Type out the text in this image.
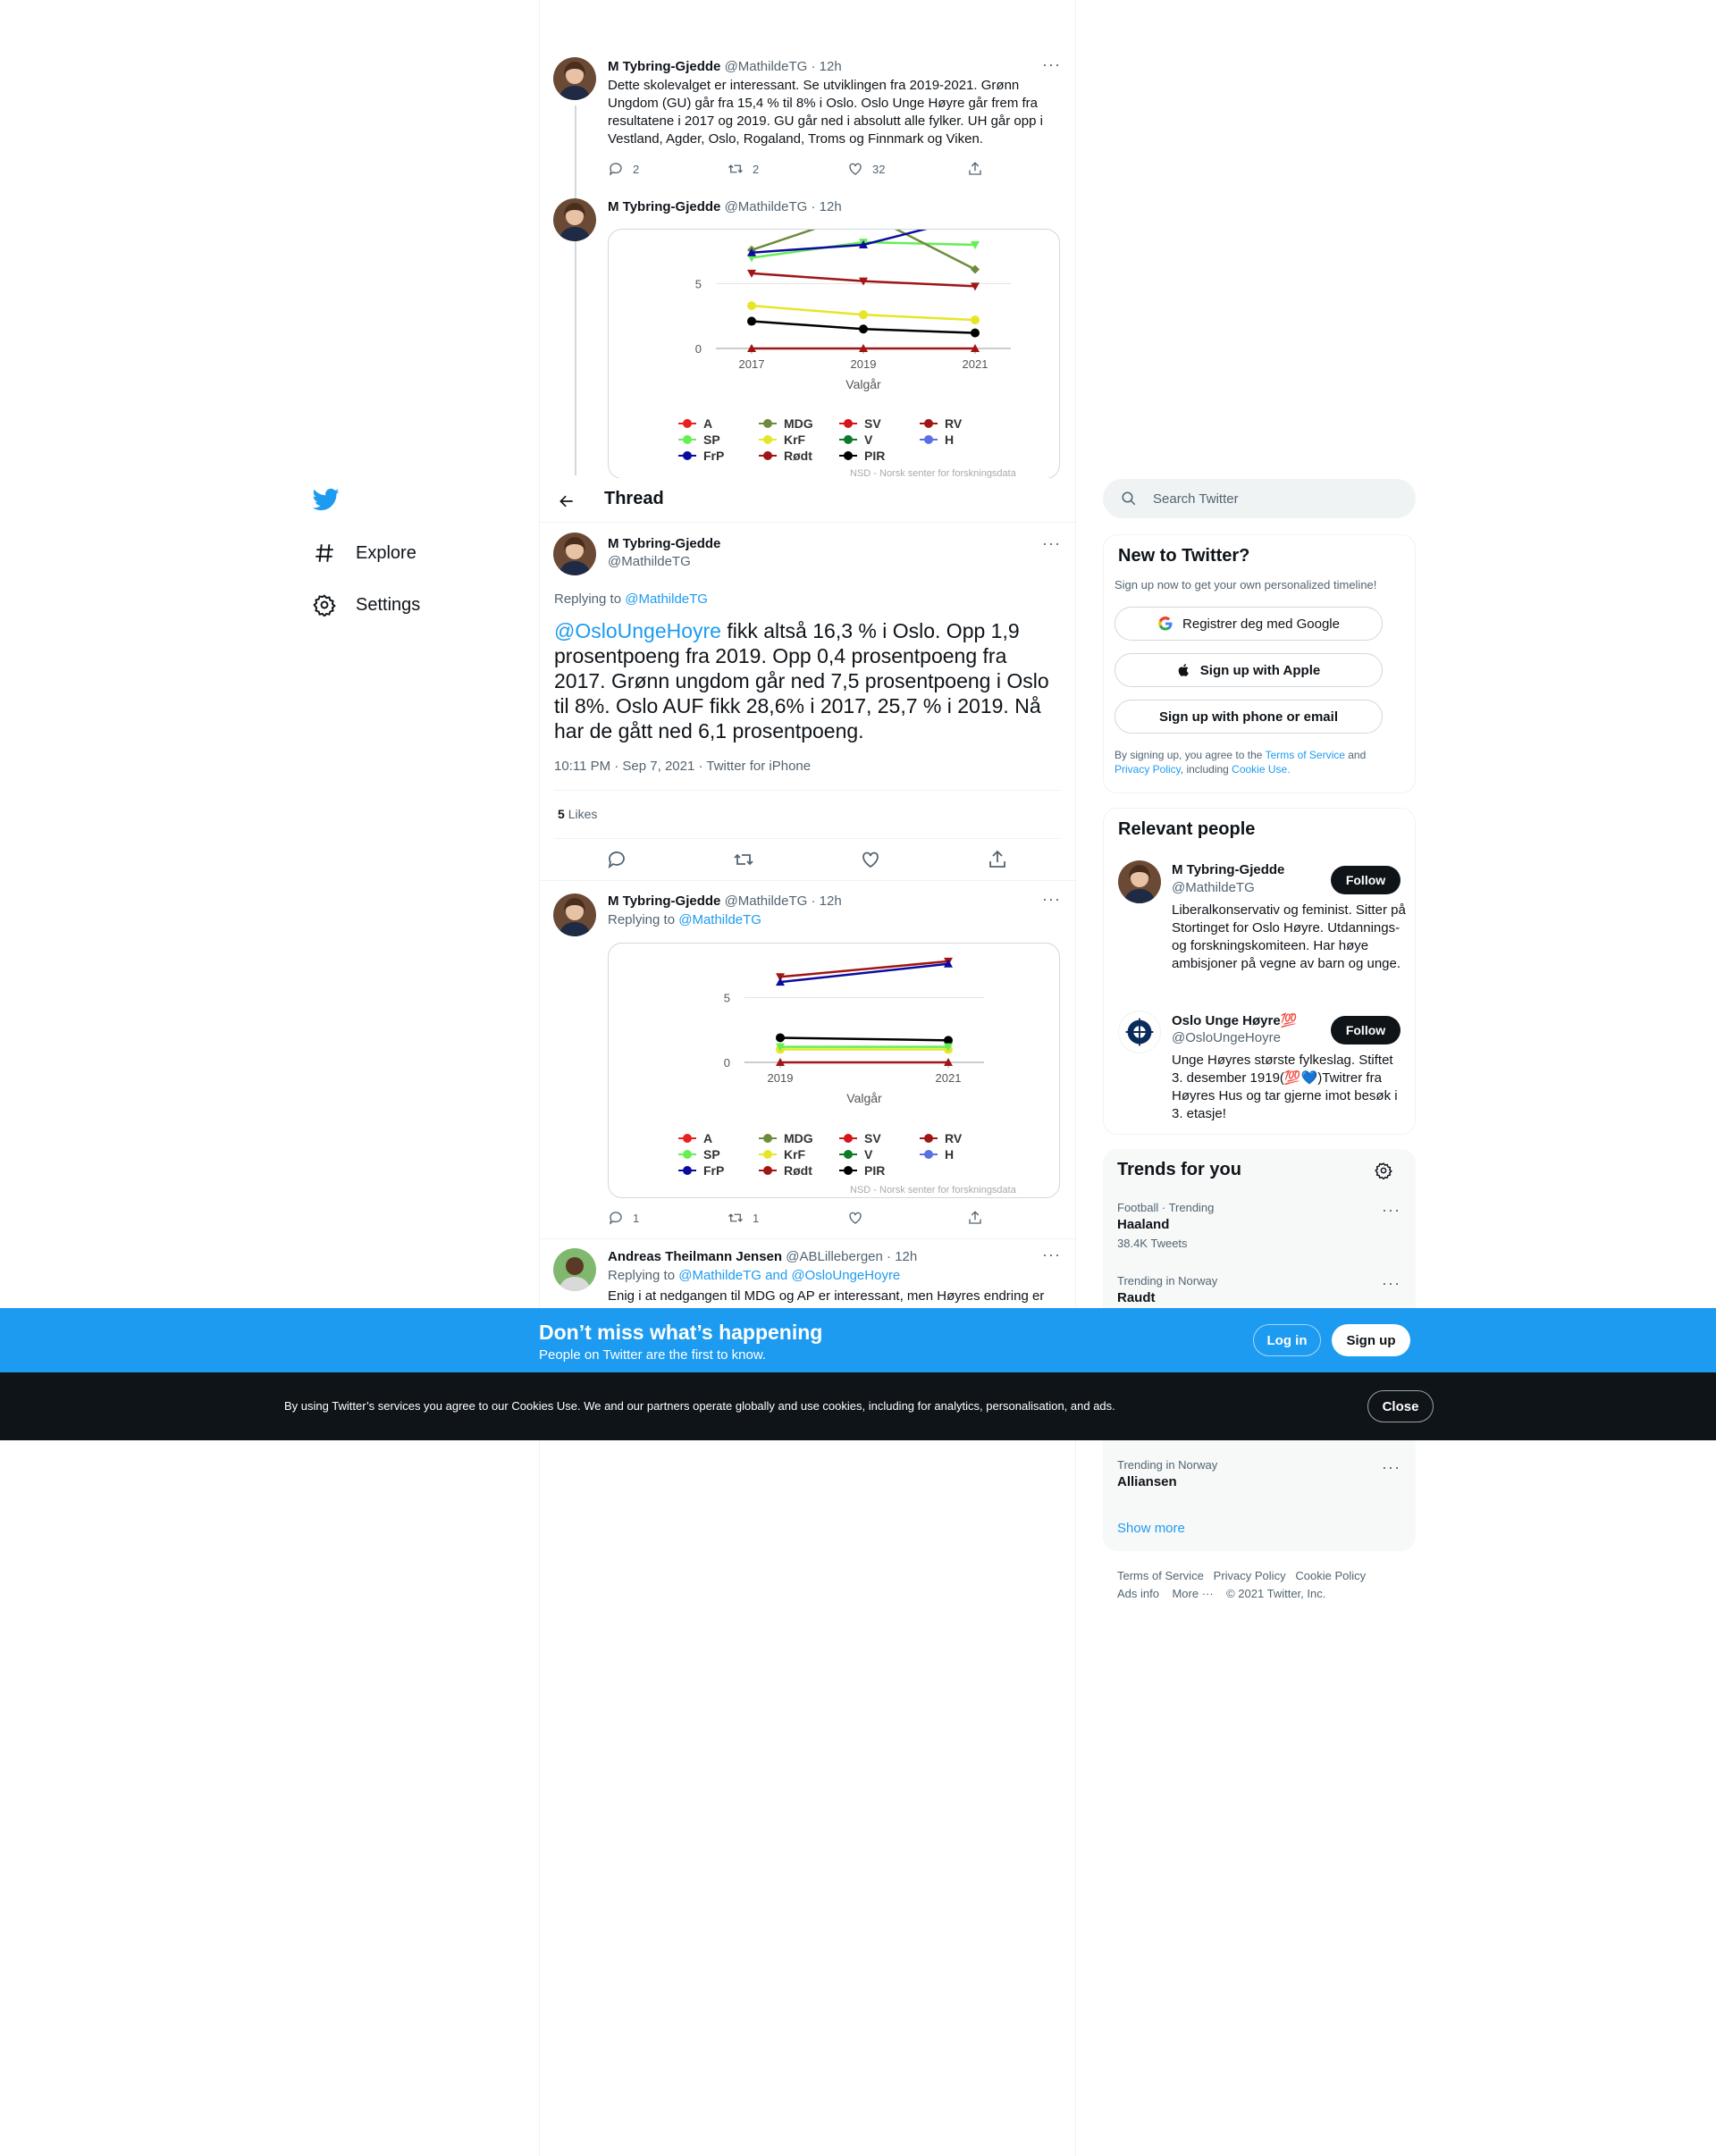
Explore
Settings
M Tybring-Gjedde @MathildeTG · 12h	···
Dette skolevalget er interessant. Se utviklingen fra 2019-2021. Grønn Ungdom (GU) går fra 15,4 % til 8% i Oslo. Oslo Unge Høyre går frem fra resultatene i 2017 og 2019. GU går ned i absolutt alle fylker. UH går opp i Vestland, Agder, Oslo, Rogaland, Troms og Finnmark og Viken.
2	2	32
M Tybring-Gjedde @MathildeTG · 12h
0
5
2017	2019	2021
Valgår
A	MDG	SV	RV
SP	KrF	V	H
FrP	Rødt	PIR
NSD - Norsk senter for forskningsdata
Thread
M Tybring-Gjedde
@MathildeTG
···
Replying to @MathildeTG
@OsloUngeHoyre fikk altså 16,3 % i Oslo. Opp 1,9 prosentpoeng fra 2019. Opp 0,4 prosentpoeng fra 2017. Grønn ungdom går ned 7,5 prosentpoeng i Oslo til 8%. Oslo AUF fikk 28,6% i 2017, 25,7 % i 2019. Nå har de gått ned 6,1 prosentpoeng.
10:11 PM · Sep 7, 2021 · Twitter for iPhone
5 Likes
M Tybring-Gjedde @MathildeTG · 12h	···
Replying to @MathildeTG
0
5
2019	2021
Valgår
A	MDG	SV	RV
SP	KrF	V	H
FrP	Rødt	PIR
NSD - Norsk senter for forskningsdata
1	1
Andreas Theilmann Jensen @ABLillebergen · 12h	···
Replying to @MathildeTG and @OsloUngeHoyre
Enig i at nedgangen til MDG og AP er interessant, men Høyres endring er
Search Twitter
New to Twitter?
Sign up now to get your own personalized timeline!
Registrer deg med Google
Sign up with Apple
Sign up with phone or email
By signing up, you agree to the Terms of Service and
Privacy Policy, including Cookie Use.
Relevant people
M Tybring-Gjedde
@MathildeTG	Follow
Liberalkonservativ og feminist. Sitter på Stortinget for Oslo Høyre. Utdannings- og forskningskomiteen. Har høye ambisjoner på vegne av barn og unge.
Oslo Unge Høyre💯
@OsloUngeHoyre	Follow
Unge Høyres største fylkeslag. Stiftet 3. desember 1919(💯💙)Twitrer fra Høyres Hus og tar gjerne imot besøk i 3. etasje!
Trends for you
Football · Trending
Haaland
38.4K Tweets
···
Trending in Norway
Raudt
···
Trending in Norway
Alliansen
···
Show more
Terms of Service Privacy Policy Cookie Policy
Ads info More ··· © 2021 Twitter, Inc.
Don’t miss what’s happening
People on Twitter are the first to know.
Log in	Sign up
By using Twitter’s services you agree to our Cookies Use. We and our partners operate globally and use cookies, including for analytics, personalisation, and ads.	Close
